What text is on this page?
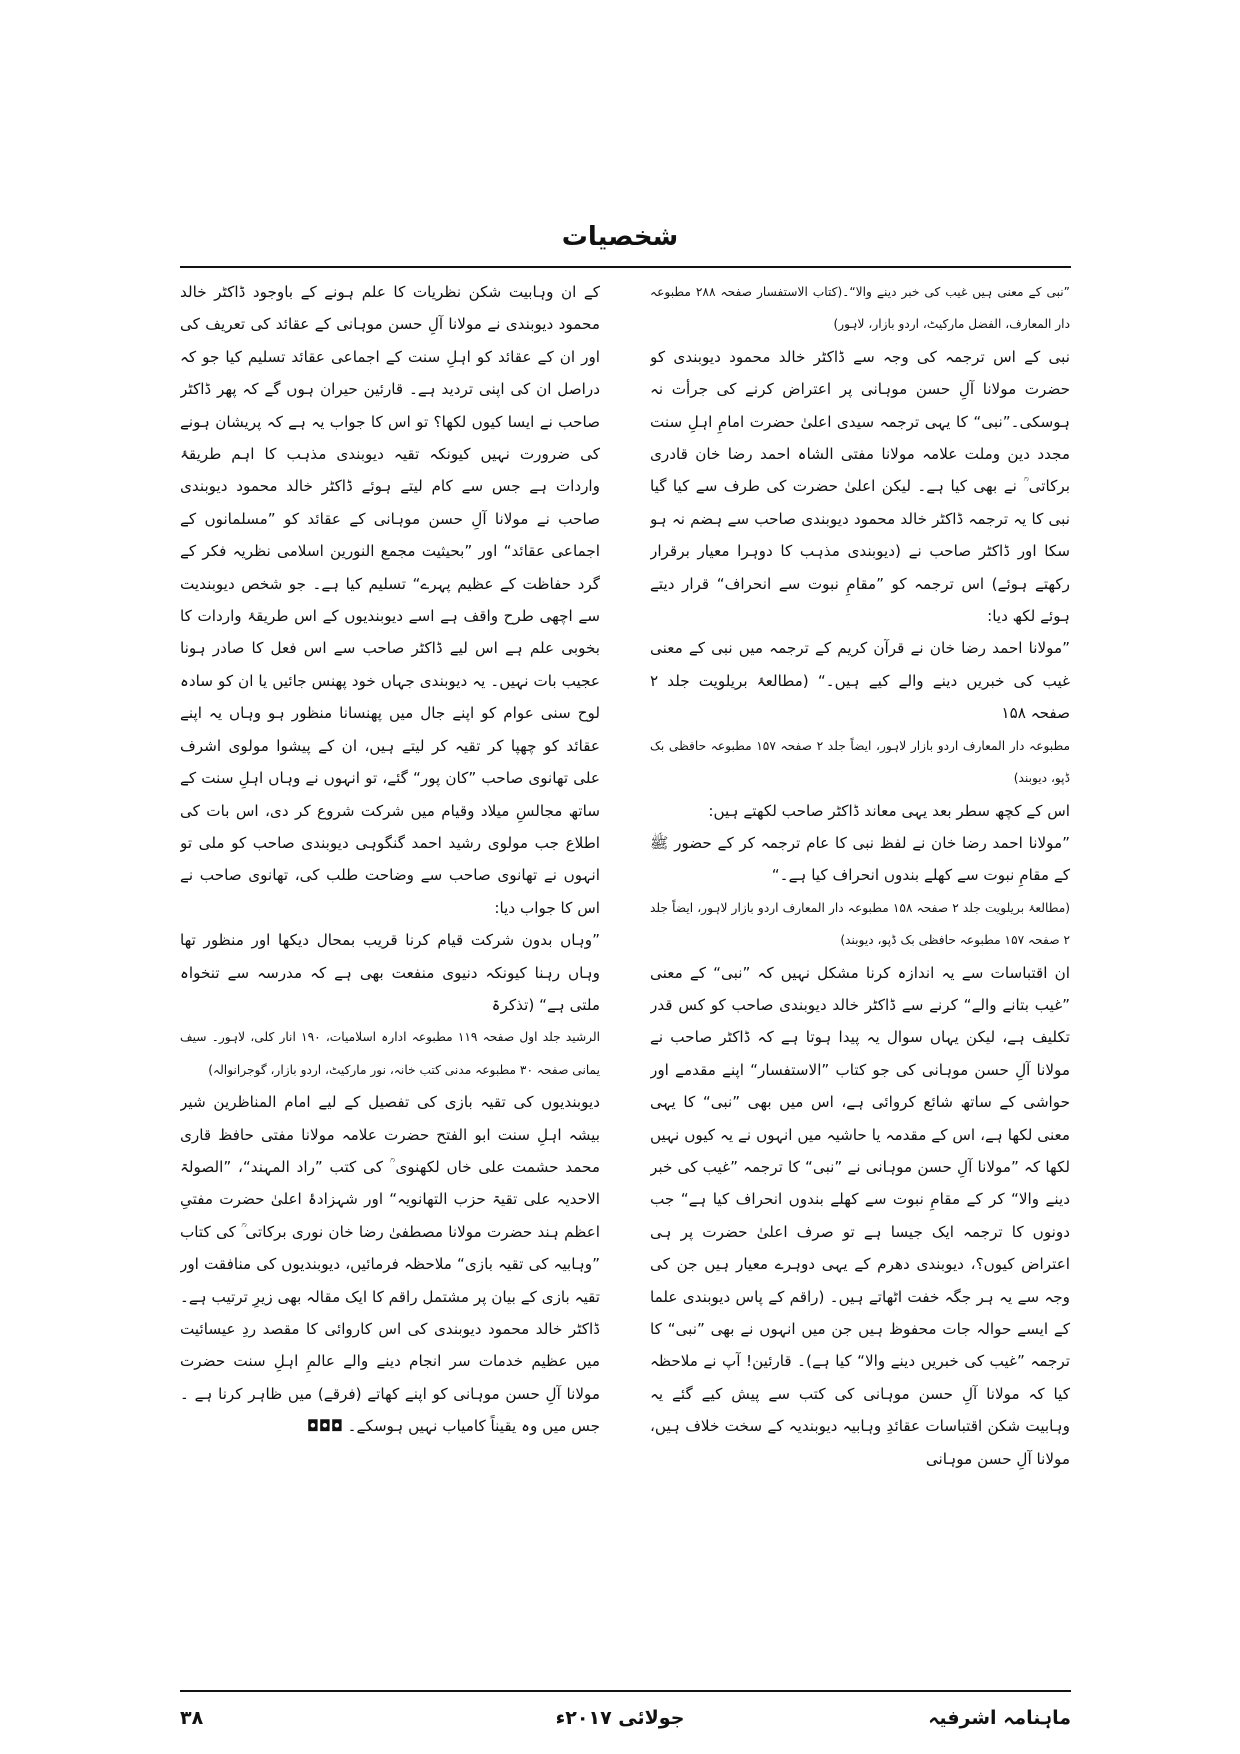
شخصیات

”نبی کے معنی ہیں غیب کی خبر دینے والا“۔(کتاب الاستفسار صفحہ ۲۸۸ مطبوعہ دار المعارف، الفضل مارکیٹ، اردو بازار، لاہور)

نبی کے اس ترجمہ کی وجہ سے ڈاکٹر خالد محمود دیوبندی کو حضرت مولانا آلِ حسن موہانی پر اعتراض کرنے کی جرأت نہ ہوسکی۔”نبی“ کا یہی ترجمہ سیدی اعلیٰ حضرت امامِ اہلِ سنت مجدد دین وملت علامہ مولانا مفتی الشاہ احمد رضا خان قادری برکاتی ؒ نے بھی کیا ہے۔ لیکن اعلیٰ حضرت کی طرف سے کیا گیا نبی کا یہ ترجمہ ڈاکٹر خالد محمود دیوبندی صاحب سے ہضم نہ ہو سکا اور ڈاکٹر صاحب نے (دیوبندی مذہب کا دوہرا معیار برقرار رکھتے ہوئے) اس ترجمہ کو ”مقامِ نبوت سے انحراف“ قرار دیتے ہوئے لکھ دیا:

”مولانا احمد رضا خان نے قرآن کریم کے ترجمہ میں نبی کے معنی غیب کی خبریں دینے والے کیے ہیں۔“ (مطالعۂ بریلویت جلد ۲ صفحہ ۱۵۸

مطبوعہ دار المعارف اردو بازار لاہور، ایضاً جلد ۲ صفحہ ۱۵۷ مطبوعہ حافظی بک ڈپو، دیوبند)

اس کے کچھ سطر بعد یہی معاند ڈاکٹر صاحب لکھتے ہیں:

”مولانا احمد رضا خان نے لفظ نبی کا عام ترجمہ کر کے حضور ﷺ کے مقامِ نبوت سے کھلے بندوں انحراف کیا ہے۔“

(مطالعۂ بریلویت جلد ۲ صفحہ ۱۵۸ مطبوعہ دار المعارف اردو بازار لاہور، ایضاً جلد ۲ صفحہ ۱۵۷ مطبوعہ حافظی بک ڈپو، دیوبند)

ان اقتباسات سے یہ اندازہ کرنا مشکل نہیں کہ ”نبی“ کے معنی ”غیب بتانے والے“ کرنے سے ڈاکٹر خالد دیوبندی صاحب کو کس قدر تکلیف ہے، لیکن یہاں سوال یہ پیدا ہوتا ہے کہ ڈاکٹر صاحب نے مولانا آلِ حسن موہانی کی جو کتاب ”الاستفسار“ اپنے مقدمے اور حواشی کے ساتھ شائع کروائی ہے، اس میں بھی ”نبی“ کا یہی معنی لکھا ہے، اس کے مقدمہ یا حاشیہ میں انہوں نے یہ کیوں نہیں لکھا کہ ”مولانا آلِ حسن موہانی نے ”نبی“ کا ترجمہ ”غیب کی خبر دینے والا“ کر کے مقامِ نبوت سے کھلے بندوں انحراف کیا ہے“ جب دونوں کا ترجمہ ایک جیسا ہے تو صرف اعلیٰ حضرت پر ہی اعتراض کیوں؟، دیوبندی دھرم کے یہی دوہرے معیار ہیں جن کی وجہ سے یہ ہر جگہ خفت اٹھاتے ہیں۔ (راقم کے پاس دیوبندی علما کے ایسے حوالہ جات محفوظ ہیں جن میں انہوں نے بھی ”نبی“ کا ترجمہ ”غیب کی خبریں دینے والا“ کیا ہے)۔ قارئین! آپ نے ملاحظہ کیا کہ مولانا آلِ حسن موہانی کی کتب سے پیش کیے گئے یہ وہابیت شکن اقتباسات عقائدِ وہابیہ دیوبندیہ کے سخت خلاف ہیں، مولانا آلِ حسن موہانی

کے ان وہابیت شکن نظریات کا علم ہونے کے باوجود ڈاکٹر خالد محمود دیوبندی نے مولانا آلِ حسن موہانی کے عقائد کی تعریف کی اور ان کے عقائد کو اہلِ سنت کے اجماعی عقائد تسلیم کیا جو کہ دراصل ان کی اپنی تردید ہے۔ قارئین حیران ہوں گے کہ پھر ڈاکٹر صاحب نے ایسا کیوں لکھا؟ تو اس کا جواب یہ ہے کہ پریشان ہونے کی ضرورت نہیں کیونکہ تقیہ دیوبندی مذہب کا اہم طریقۂ واردات ہے جس سے کام لیتے ہوئے ڈاکٹر خالد محمود دیوبندی صاحب نے مولانا آلِ حسن موہانی کے عقائد کو ”مسلمانوں کے اجماعی عقائد“ اور ”بحیثیت مجمع النورین اسلامی نظریہ فکر کے گرد حفاظت کے عظیم پہرے“ تسلیم کیا ہے۔ جو شخص دیوبندیت سے اچھی طرح واقف ہے اسے دیوبندیوں کے اس طریقۂ واردات کا بخوبی علم ہے اس لیے ڈاکٹر صاحب سے اس فعل کا صادر ہونا عجیب بات نہیں۔ یہ دیوبندی جہاں خود پھنس جائیں یا ان کو سادہ لوح سنی عوام کو اپنے جال میں پھنسانا منظور ہو وہاں یہ اپنے عقائد کو چھپا کر تقیہ کر لیتے ہیں، ان کے پیشوا مولوی اشرف علی تھانوی صاحب ”کان پور“ گئے، تو انہوں نے وہاں اہلِ سنت کے ساتھ مجالسِ میلاد وقیام میں شرکت شروع کر دی، اس بات کی اطلاع جب مولوی رشید احمد گنگوہی دیوبندی صاحب کو ملی تو انہوں نے تھانوی صاحب سے وضاحت طلب کی، تھانوی صاحب نے اس کا جواب دیا:

”وہاں بدون شرکت قیام کرنا قریب بمحال دیکھا اور منظور تھا وہاں رہنا کیونکہ دنیوی منفعت بھی ہے کہ مدرسہ سے تنخواہ ملتی ہے“ (تذکرۃ

الرشید جلد اول صفحہ ۱۱۹ مطبوعہ ادارہ اسلامیات، ۱۹۰ انار کلی، لاہور۔ سیف یمانی صفحہ ۳۰ مطبوعہ مدنی کتب خانہ، نور مارکیٹ، اردو بازار، گوجرانوالہ)

دیوبندیوں کی تقیہ بازی کی تفصیل کے لیے امام المناظرین شیر بیشہ اہلِ سنت ابو الفتح حضرت علامہ مولانا مفتی حافظ قاری محمد حشمت علی خاں لکھنوی ؒ کی کتب ”راد المہند“، ”الصولۃ الاحدیہ علی تقیۃ حزب التھانویہ“ اور شہزادۂ اعلیٰ حضرت مفتیِ اعظم ہند حضرت مولانا مصطفیٰ رضا خان نوری برکاتی ؒ کی کتاب ”وہابیہ کی تقیہ بازی“ ملاحظہ فرمائیں، دیوبندیوں کی منافقت اور تقیہ بازی کے بیان پر مشتمل راقم کا ایک مقالہ بھی زیرِ ترتیب ہے۔ ڈاکٹر خالد محمود دیوبندی کی اس کاروائی کا مقصد ردِ عیسائیت میں عظیم خدمات سر انجام دینے والے عالمِ اہلِ سنت حضرت مولانا آلِ حسن موہانی کو اپنے کھاتے (فرقے) میں ظاہر کرنا ہے ۔ جس میں وہ یقیناً کامیاب نہیں ہوسکے۔ ◘◘◘

ماہنامہ اشرفیہ
جولائی ۲۰۱۷ء
۳۸
